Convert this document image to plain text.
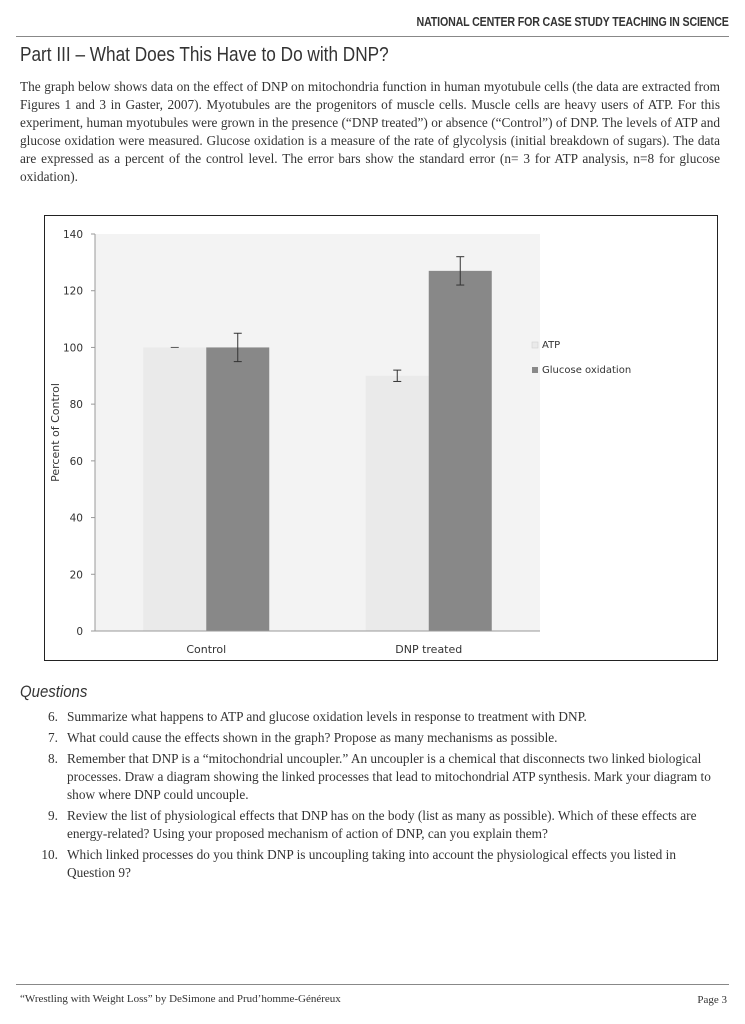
NATIONAL CENTER FOR CASE STUDY TEACHING IN SCIENCE
Part III – What Does This Have to Do with DNP?

The graph below shows data on the effect of DNP on mitochondria function in human myotubule cells (the data are extracted from Figures 1 and 3 in Gaster, 2007). Myotubules are the progenitors of muscle cells. Muscle cells are heavy users of ATP. For this experiment, human myotubules were grown in the presence (“DNP treated”) or absence (“Control”) of DNP. The levels of ATP and glucose oxidation were measured. Glucose oxidation is a measure of the rate of glycolysis (initial breakdown of sugars). The data are expressed as a percent of the control level. The error bars show the standard error (n= 3 for ATP analysis, n=8 for glucose oxidation).

0
20
40
60
80
100
120
140
Percent of Control
Control	DNP treated
ATP
Glucose oxidation
Questions
6. Summarize what happens to ATP and glucose oxidation levels in response to treatment with DNP.
7. What could cause the effects shown in the graph? Propose as many mechanisms as possible.
8. Remember that DNP is a “mitochondrial uncoupler.” An uncoupler is a chemical that disconnects two linked biological processes. Draw a diagram showing the linked processes that lead to mitochondrial ATP synthesis. Mark your diagram to show where DNP could uncouple.
9. Review the list of physiological effects that DNP has on the body (list as many as possible). Which of these effects are energy-related? Using your proposed mechanism of action of DNP, can you explain them?
10. Which linked processes do you think DNP is uncoupling taking into account the physiological effects you listed in Question 9?
“Wrestling with Weight Loss” by DeSimone and Prud’homme-Généreux	Page 3
